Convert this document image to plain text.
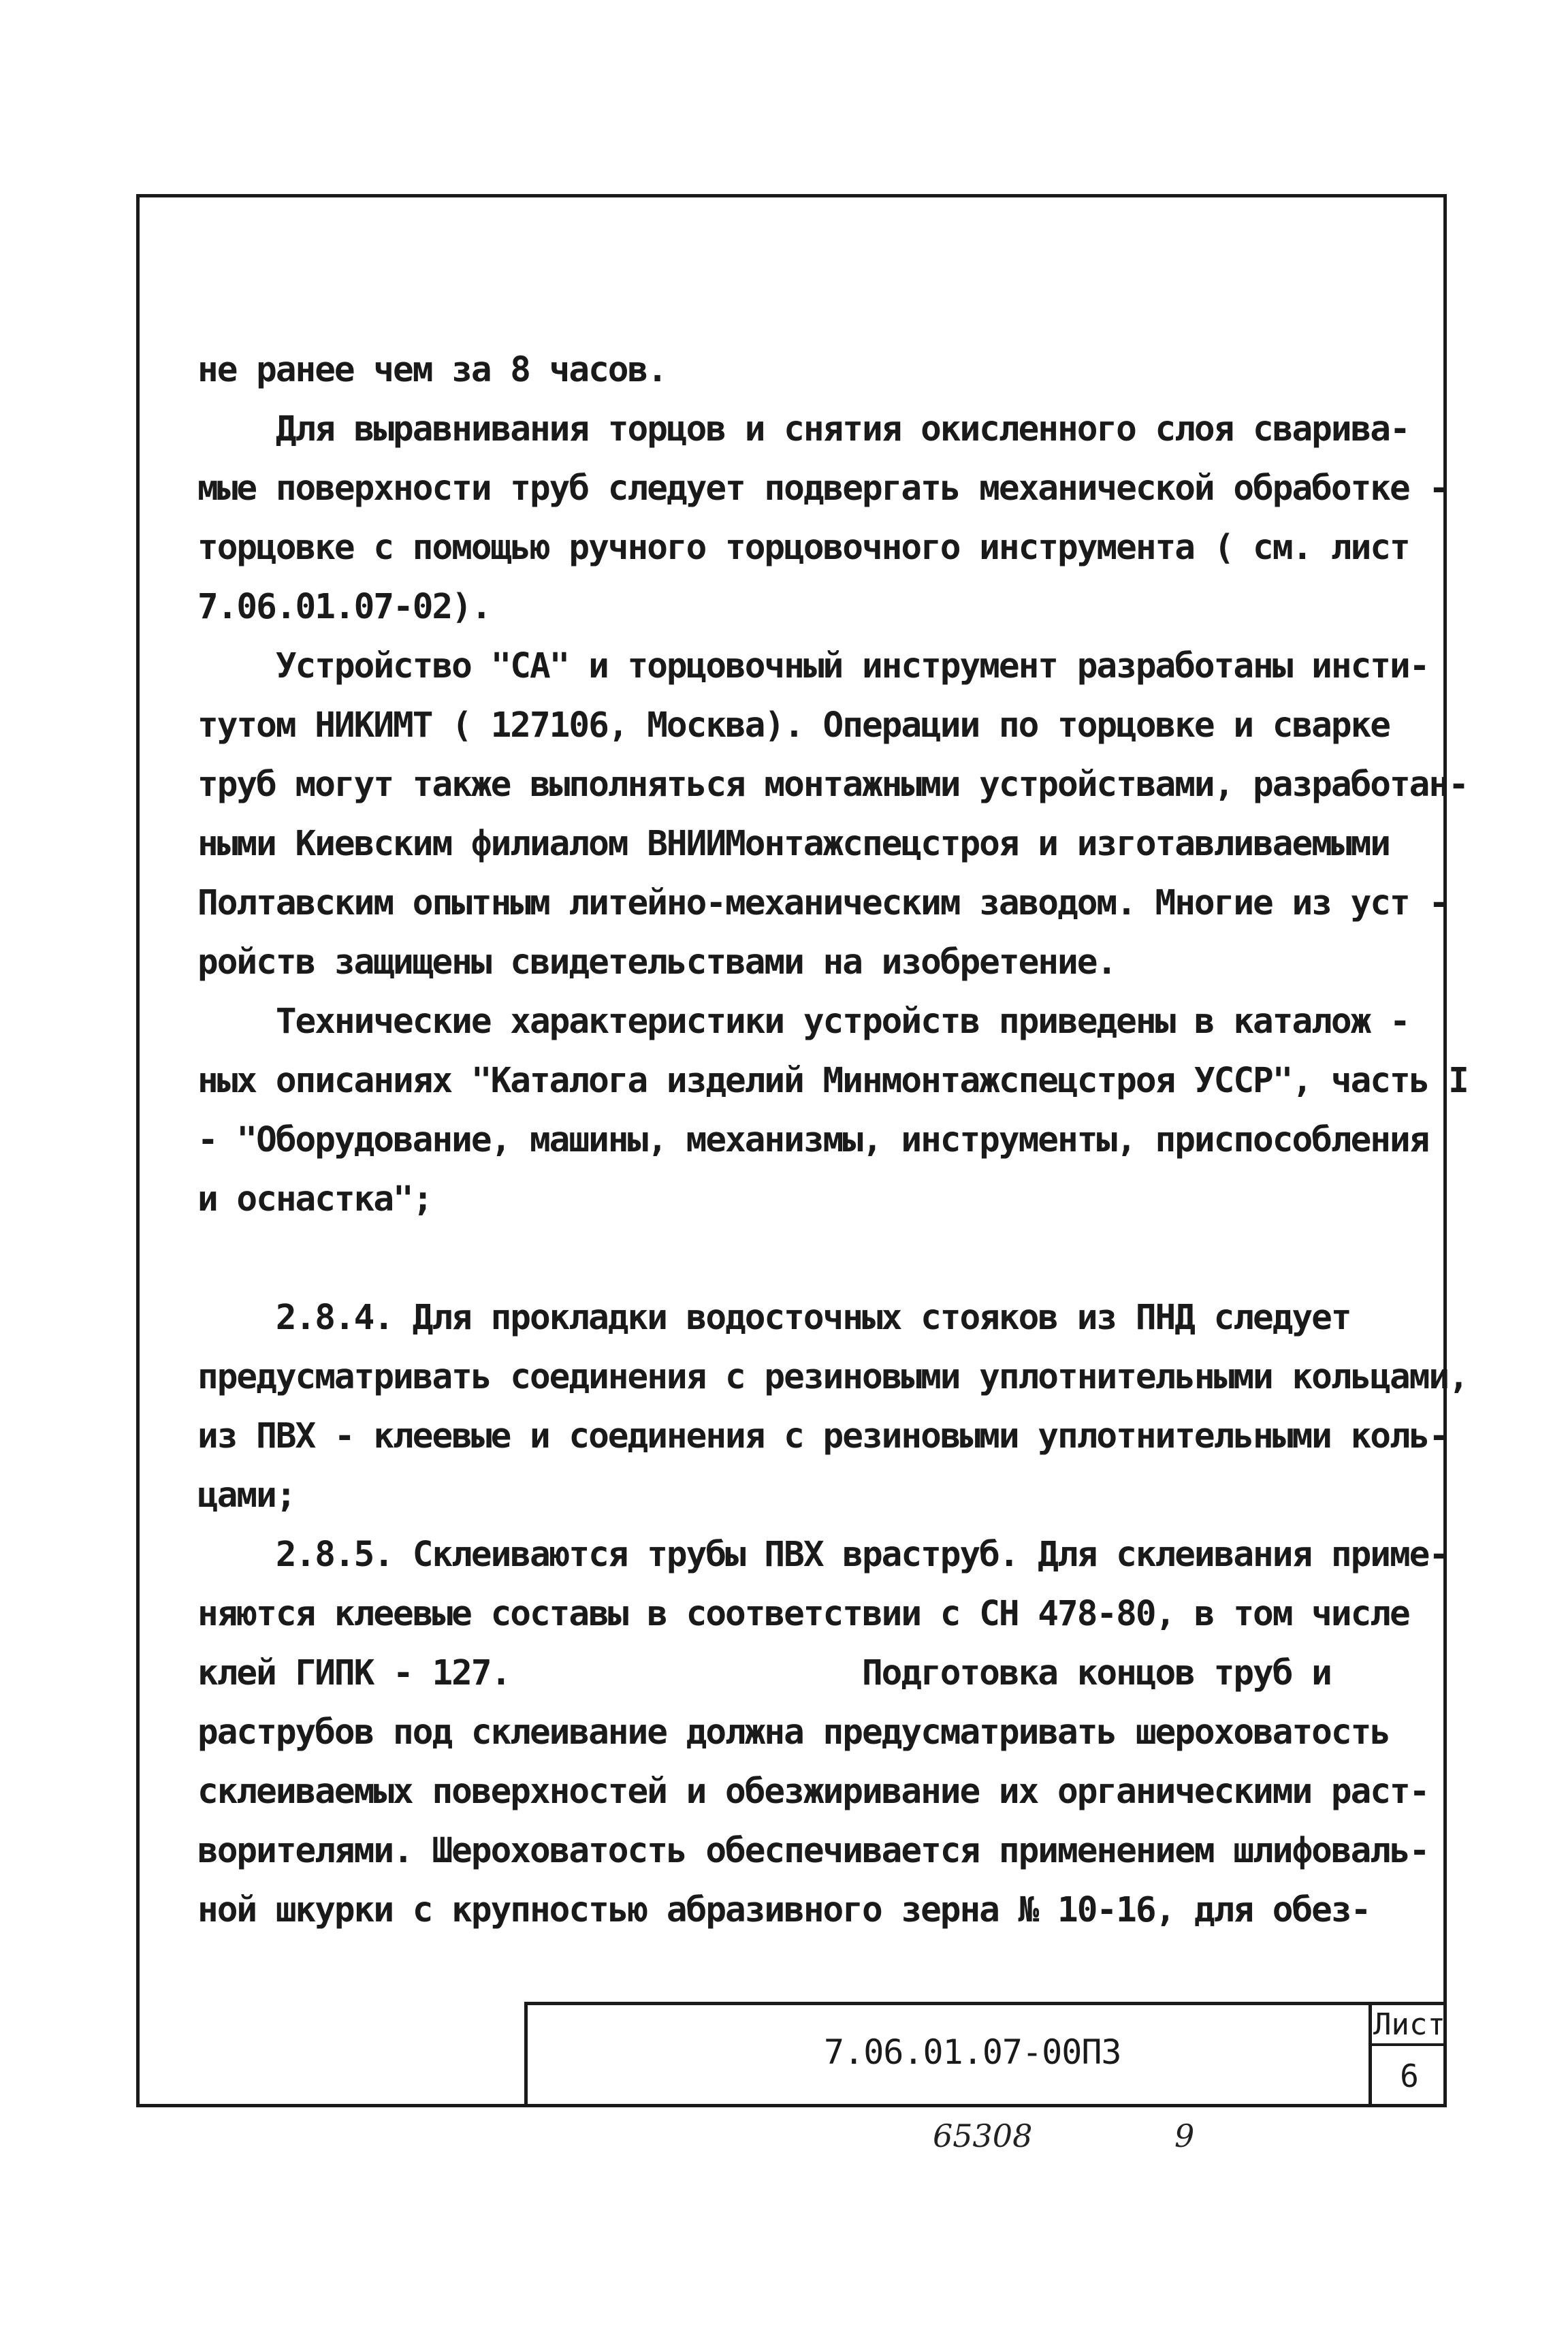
не ранее чем за 8 часов.
Для выравнивания торцов и снятия окисленного слоя сварива-
мые поверхности труб следует подвергать механической обработке -
торцовке с помощью ручного торцовочного инструмента ( см. лист
7.06.01.07-02).
Устройство "СА" и торцовочный инструмент разработаны инсти-
тутом НИКИМТ ( 127106, Москва). Операции по торцовке и сварке
труб могут также выполняться монтажными устройствами, разработан-
ными Киевским филиалом ВНИИМонтажспецстроя и изготавливаемыми
Полтавским опытным литейно-механическим заводом. Многие из уст -
ройств защищены свидетельствами на изобретение.
Технические характеристики устройств приведены в каталож -
ных описаниях "Каталога изделий Минмонтажспецстроя УССР", часть I
- "Оборудование, машины, механизмы, инструменты, приспособления
и оснастка";
2.8.4. Для прокладки водосточных стояков из ПНД следует
предусматривать соединения с резиновыми уплотнительными кольцами,
из ПВХ - клеевые и соединения с резиновыми уплотнительными коль-
цами;
2.8.5. Склеиваются трубы ПВХ враструб. Для склеивания приме-
няются клеевые составы в соответствии с СН 478-80, в том числе
клей ГИПК - 127.                  Подготовка концов труб и
раструбов под склеивание должна предусматривать шероховатость
склеиваемых поверхностей и обезжиривание их органическими раст-
ворителями. Шероховатость обеспечивается применением шлифоваль-
ной шкурки с крупностью абразивного зерна № 10-16, для обез-
7.06.01.07-00ПЗ
Лист
6
65308	9
